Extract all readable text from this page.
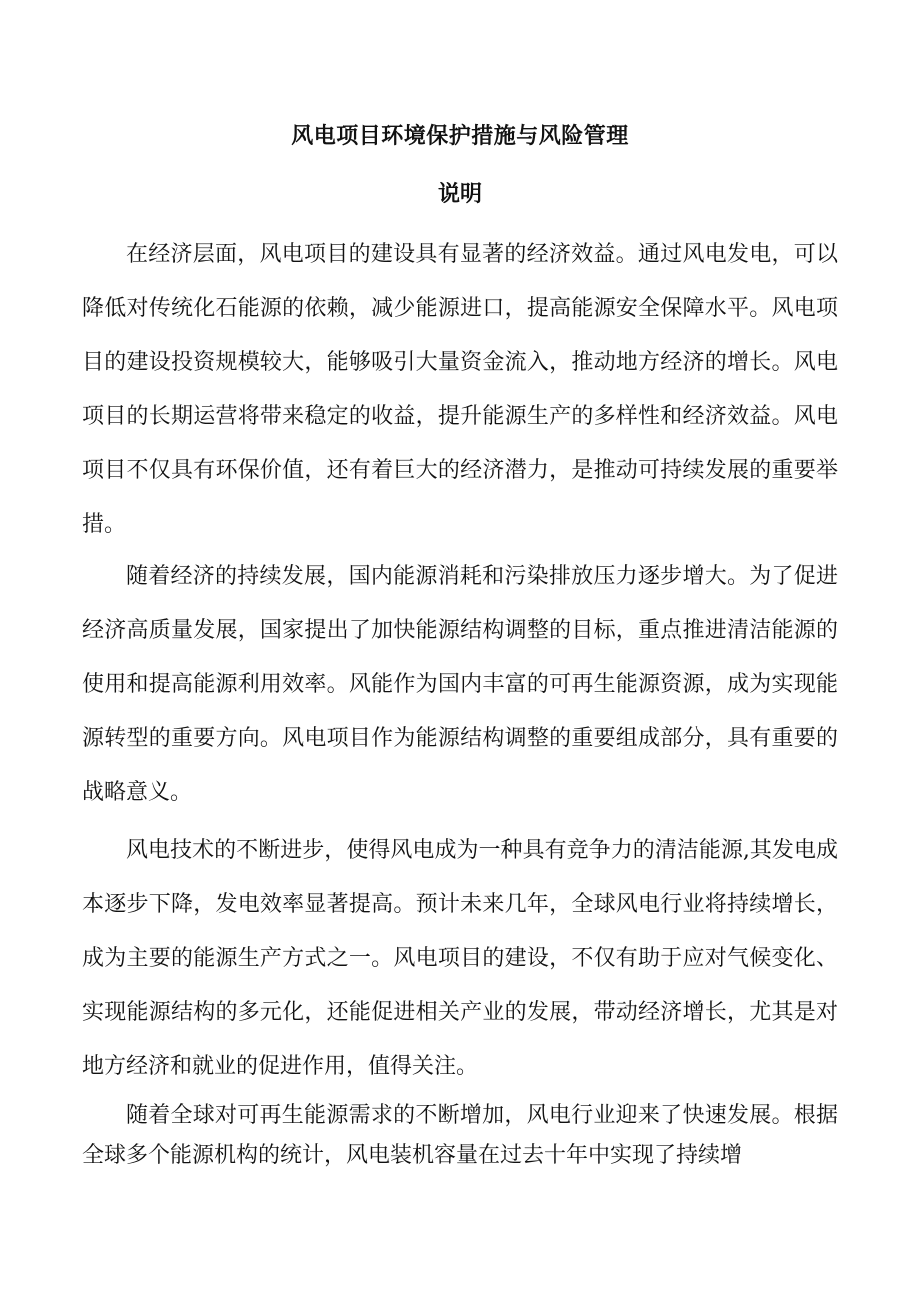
风电项目环境保护措施与风险管理
说明

在经济层面，风电项目的建设具有显著的经济效益。通过风电发电，可以降低对传统化石能源的依赖，减少能源进口，提高能源安全保障水平。风电项目的建设投资规模较大，能够吸引大量资金流入，推动地方经济的增长。风电项目的长期运营将带来稳定的收益，提升能源生产的多样性和经济效益。风电项目不仅具有环保价值，还有着巨大的经济潜力，是推动可持续发展的重要举措。

随着经济的持续发展，国内能源消耗和污染排放压力逐步增大。为了促进经济高质量发展，国家提出了加快能源结构调整的目标，重点推进清洁能源的使用和提高能源利用效率。风能作为国内丰富的可再生能源资源，成为实现能源转型的重要方向。风电项目作为能源结构调整的重要组成部分，具有重要的战略意义。

风电技术的不断进步，使得风电成为一种具有竞争力的清洁能源,其发电成本逐步下降，发电效率显著提高。预计未来几年，全球风电行业将持续增长，成为主要的能源生产方式之一。风电项目的建设，不仅有助于应对气候变化、实现能源结构的多元化，还能促进相关产业的发展，带动经济增长，尤其是对地方经济和就业的促进作用，值得关注。

随着全球对可再生能源需求的不断增加，风电行业迎来了快速发展。根据全球多个能源机构的统计，风电装机容量在过去十年中实现了持续增
